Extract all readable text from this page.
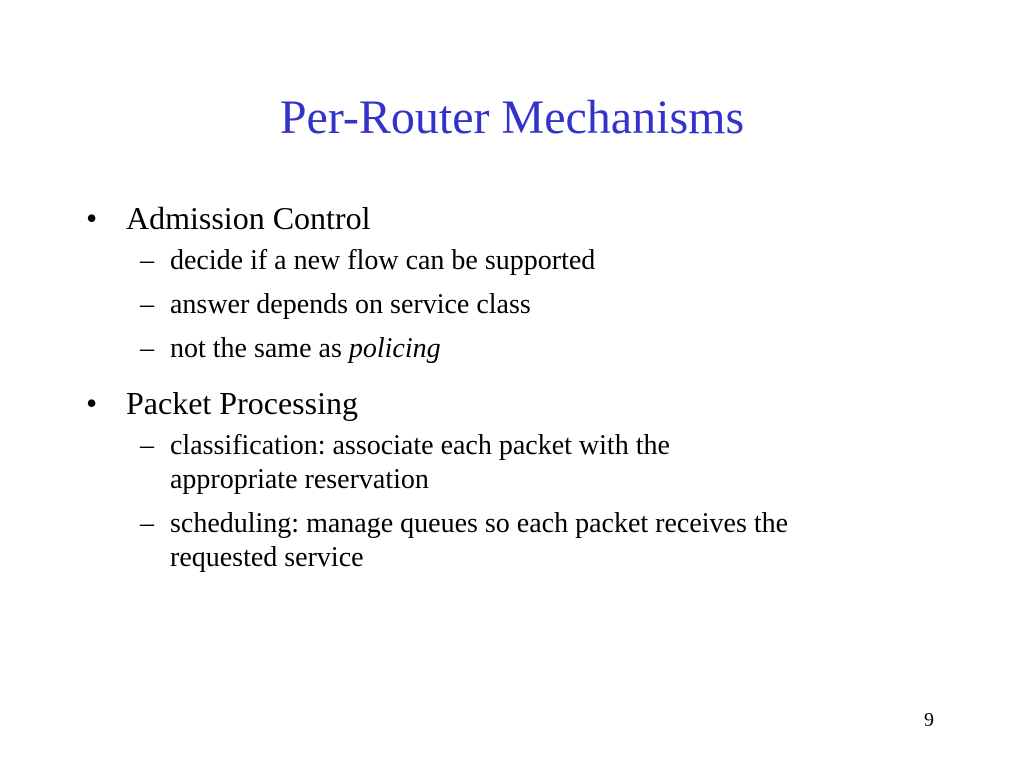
Per-Router Mechanisms
• Admission Control
– decide if a new flow can be supported
– answer depends on service class
– not the same as policing
• Packet Processing
– classification: associate each packet with the
appropriate reservation
– scheduling: manage queues so each packet receives the
requested service
9
